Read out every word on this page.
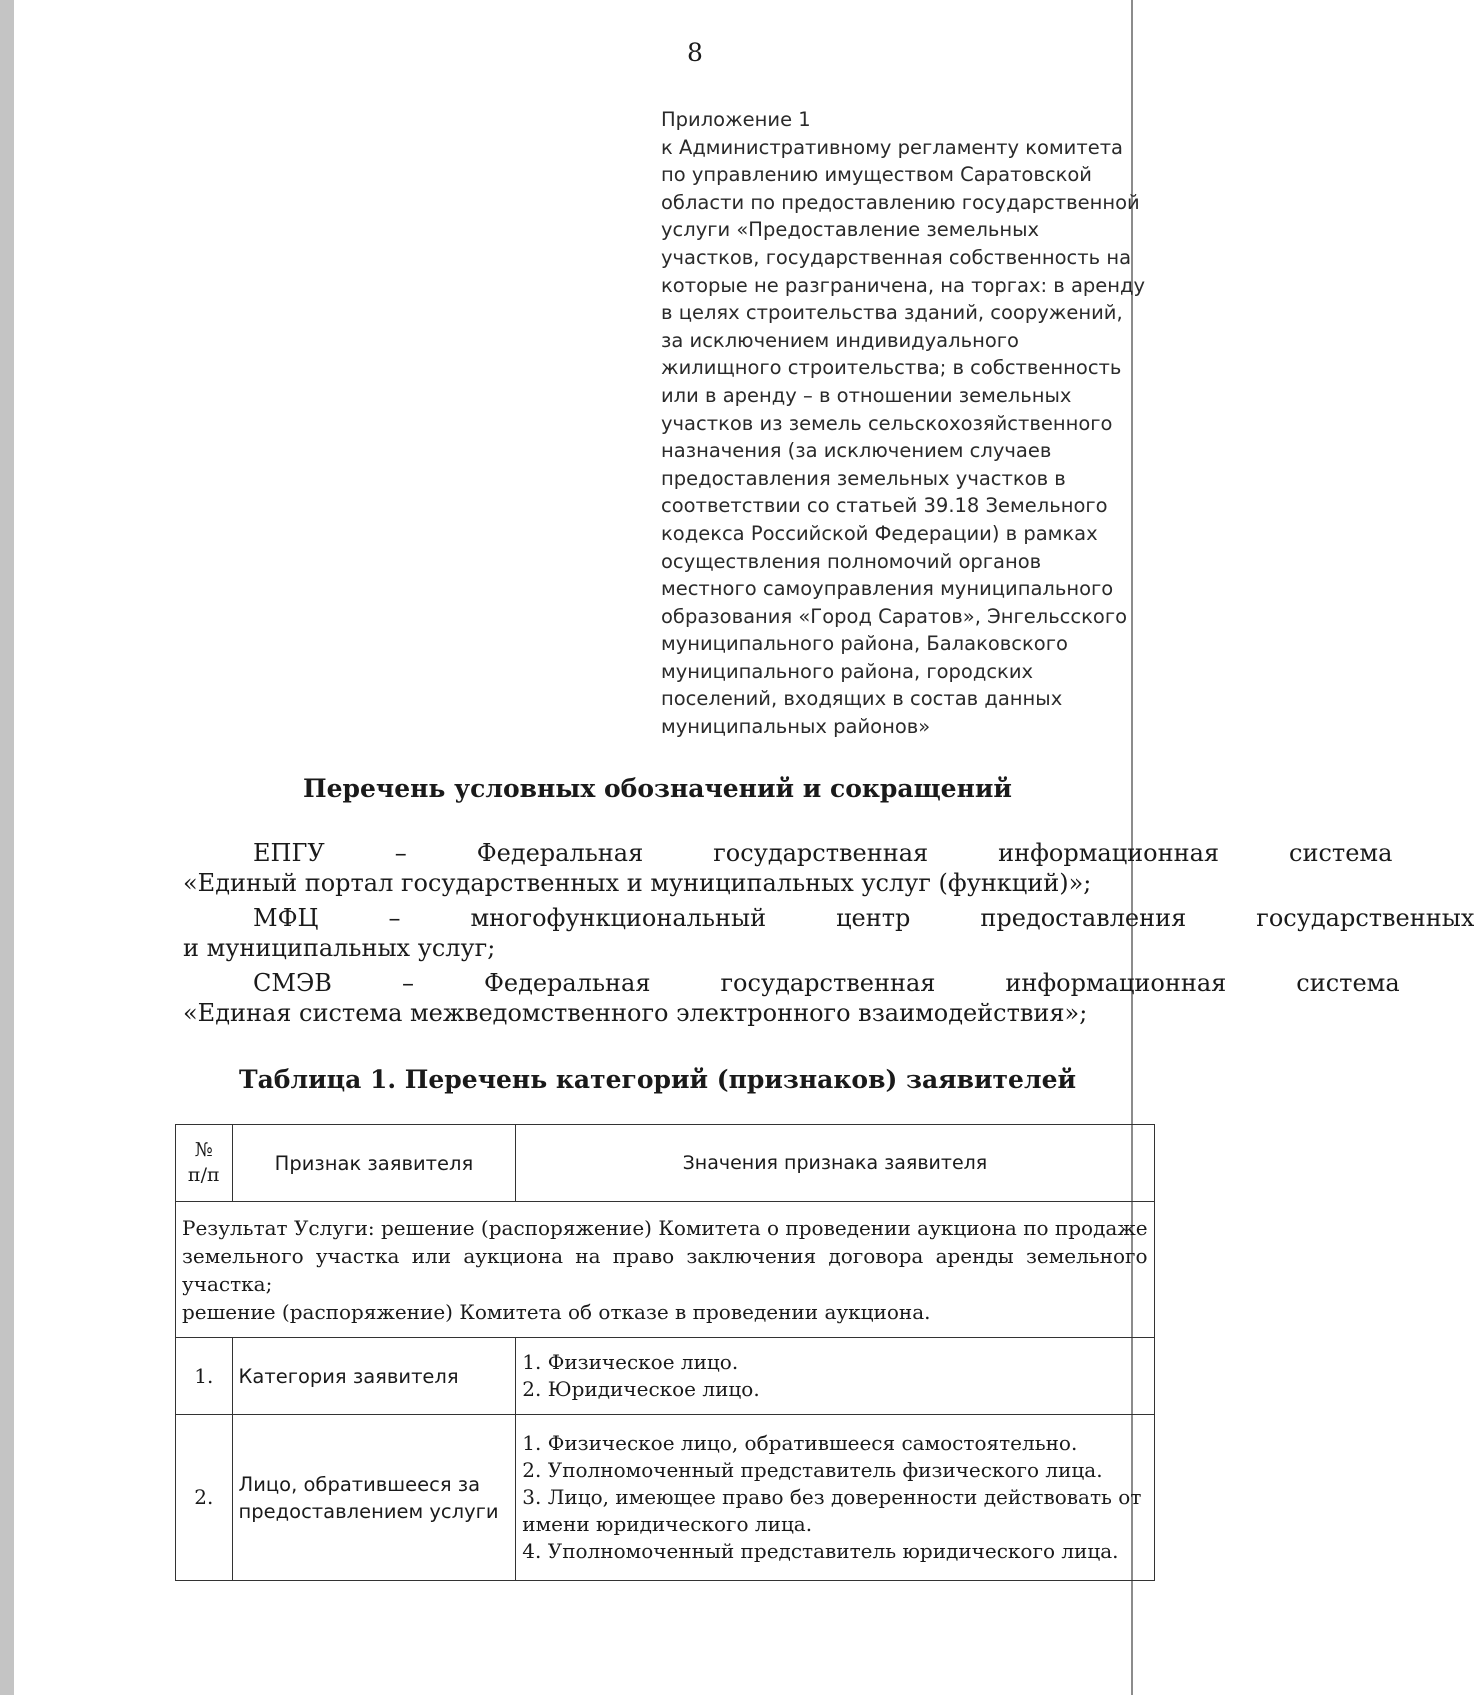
8
Приложение 1
к Административному регламенту комитета
по управлению имуществом Саратовской
области по предоставлению государственной
услуги «Предоставление земельных
участков, государственная собственность на
которые не разграничена, на торгах: в аренду
в целях строительства зданий, сооружений,
за исключением индивидуального
жилищного строительства; в собственность
или в аренду – в отношении земельных
участков из земель сельскохозяйственного
назначения (за исключением случаев
предоставления земельных участков в
соответствии со статьей 39.18 Земельного
кодекса Российской Федерации) в рамках
осуществления полномочий органов
местного самоуправления муниципального
образования «Город Саратов», Энгельсского
муниципального района, Балаковского
муниципального района, городских
поселений, входящих в состав данных
муниципальных районов»
Перечень условных обозначений и сокращений
ЕПГУ	–	Федеральная	государственная	информационная	система
«Единый портал государственных и муниципальных услуг (функций)»;
МФЦ	–	многофункциональный	центр	предоставления	государственных
и муниципальных услуг;
СМЭВ	–	Федеральная	государственная	информационная	система
«Единая система межведомственного электронного взаимодействия»;
Таблица 1. Перечень категорий (признаков) заявителей
№
п/п	Признак заявителя	Значения признака заявителя

Результат Услуги: решение (распоряжение) Комитета о проведении аукциона по продаже
земельного участка или аукциона на право заключения договора аренды земельного
участка;
решение (распоряжение) Комитета об отказе в проведении аукциона.		

1.	Категория заявителя	1. Физическое лицо.
2. Юридическое лицо.

2.	Лицо, обратившееся за предоставлением услуги	1. Физическое лицо, обратившееся самостоятельно.
2. Уполномоченный представитель физического лица.
3. Лицо, имеющее право без доверенности действовать от
имени юридического лица.
4. Уполномоченный представитель юридического лица.
